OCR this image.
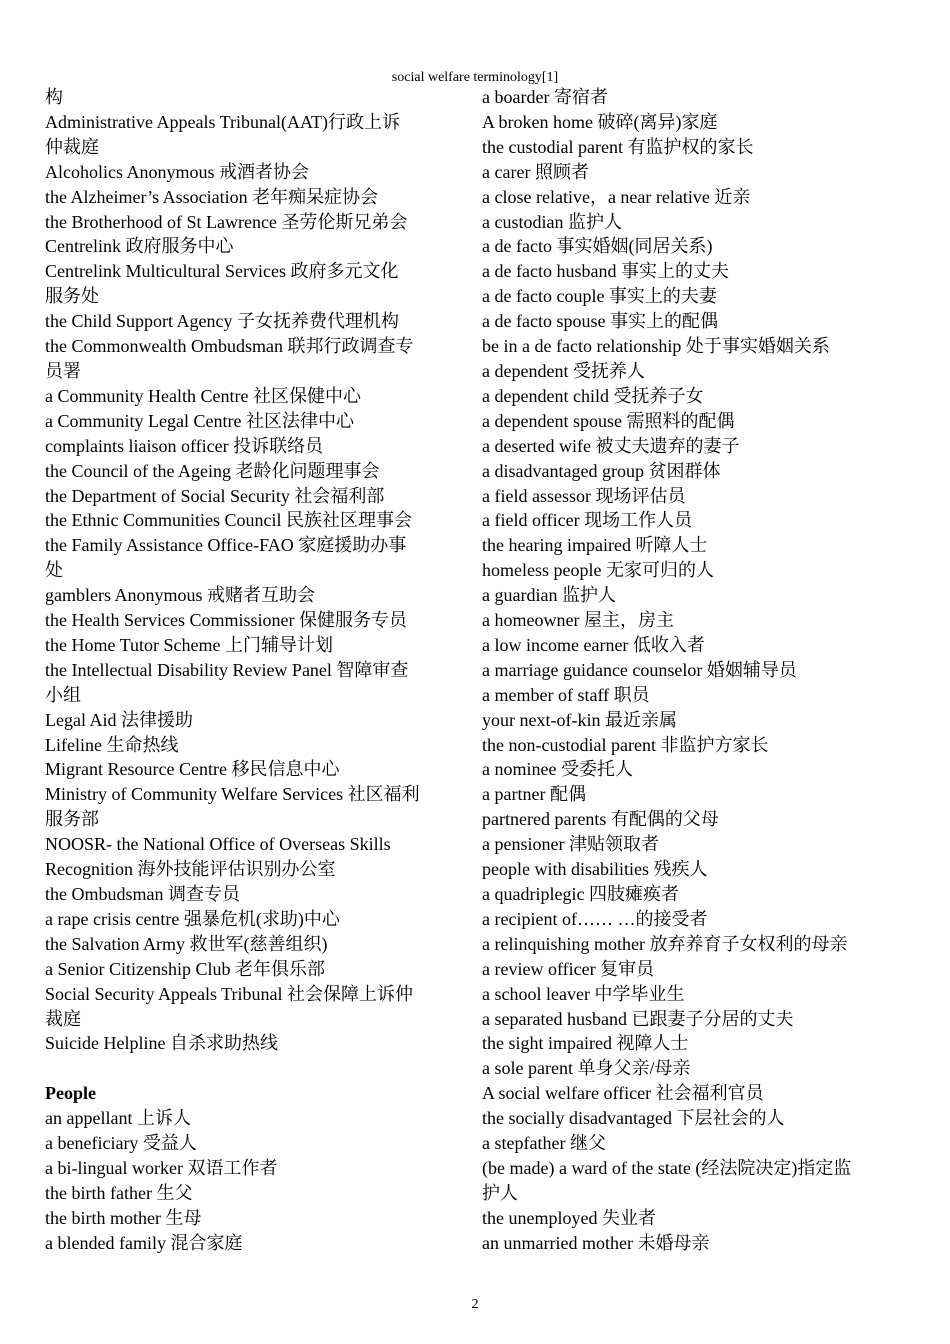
social welfare terminology[1]
构
Administrative Appeals Tribunal(AAT)行政上诉
仲裁庭
Alcoholics Anonymous 戒酒者协会
the Alzheimer’s Association 老年痴呆症协会
the Brotherhood of St Lawrence 圣劳伦斯兄弟会
Centrelink 政府服务中心
Centrelink Multicultural Services 政府多元文化
服务处
the Child Support Agency 子女抚养费代理机构
the Commonwealth Ombudsman 联邦行政调查专
员署
a Community Health Centre 社区保健中心
a Community Legal Centre 社区法律中心
complaints liaison officer 投诉联络员
the Council of the Ageing 老龄化问题理事会
the Department of Social Security 社会福利部
the Ethnic Communities Council 民族社区理事会
the Family Assistance Office-FAO 家庭援助办事
处
gamblers Anonymous 戒赌者互助会
the Health Services Commissioner 保健服务专员
the Home Tutor Scheme 上门辅导计划
the Intellectual Disability Review Panel 智障审查
小组
Legal Aid 法律援助
Lifeline 生命热线
Migrant Resource Centre 移民信息中心
Ministry of Community Welfare Services 社区福利
服务部
NOOSR- the National Office of Overseas Skills
Recognition 海外技能评估识别办公室
the Ombudsman 调查专员
a rape crisis centre 强暴危机(求助)中心
the Salvation Army 救世军(慈善组织)
a Senior Citizenship Club 老年俱乐部
Social Security Appeals Tribunal 社会保障上诉仲
裁庭
Suicide Helpline 自杀求助热线
People
an appellant 上诉人
a beneficiary 受益人
a bi-lingual worker 双语工作者
the birth father 生父
the birth mother 生母
a blended family 混合家庭
a boarder 寄宿者
A broken home 破碎(离异)家庭
the custodial parent 有监护权的家长
a carer 照顾者
a close relative，a near relative 近亲
a custodian 监护人
a de facto 事实婚姻(同居关系)
a de facto husband 事实上的丈夫
a de facto couple 事实上的夫妻
a de facto spouse 事实上的配偶
be in a de facto relationship 处于事实婚姻关系
a dependent 受抚养人
a dependent child 受抚养子女
a dependent spouse 需照料的配偶
a deserted wife 被丈夫遗弃的妻子
a disadvantaged group 贫困群体
a field assessor 现场评估员
a field officer 现场工作人员
the hearing impaired 听障人士
homeless people 无家可归的人
a guardian 监护人
a homeowner 屋主，房主
a low income earner 低收入者
a marriage guidance counselor 婚姻辅导员
a member of staff 职员
your next-of-kin 最近亲属
the non-custodial parent 非监护方家长
a nominee 受委托人
a partner 配偶
partnered parents 有配偶的父母
a pensioner 津贴领取者
people with disabilities 残疾人
a quadriplegic 四肢瘫痪者
a recipient of…… …的接受者
a relinquishing mother 放弃养育子女权利的母亲
a review officer 复审员
a school leaver 中学毕业生
a separated husband 已跟妻子分居的丈夫
the sight impaired 视障人士
a sole parent 单身父亲/母亲
A social welfare officer 社会福利官员
the socially disadvantaged 下层社会的人
a stepfather 继父
(be made) a ward of the state (经法院决定)指定监
护人
the unemployed 失业者
an unmarried mother 未婚母亲
2
